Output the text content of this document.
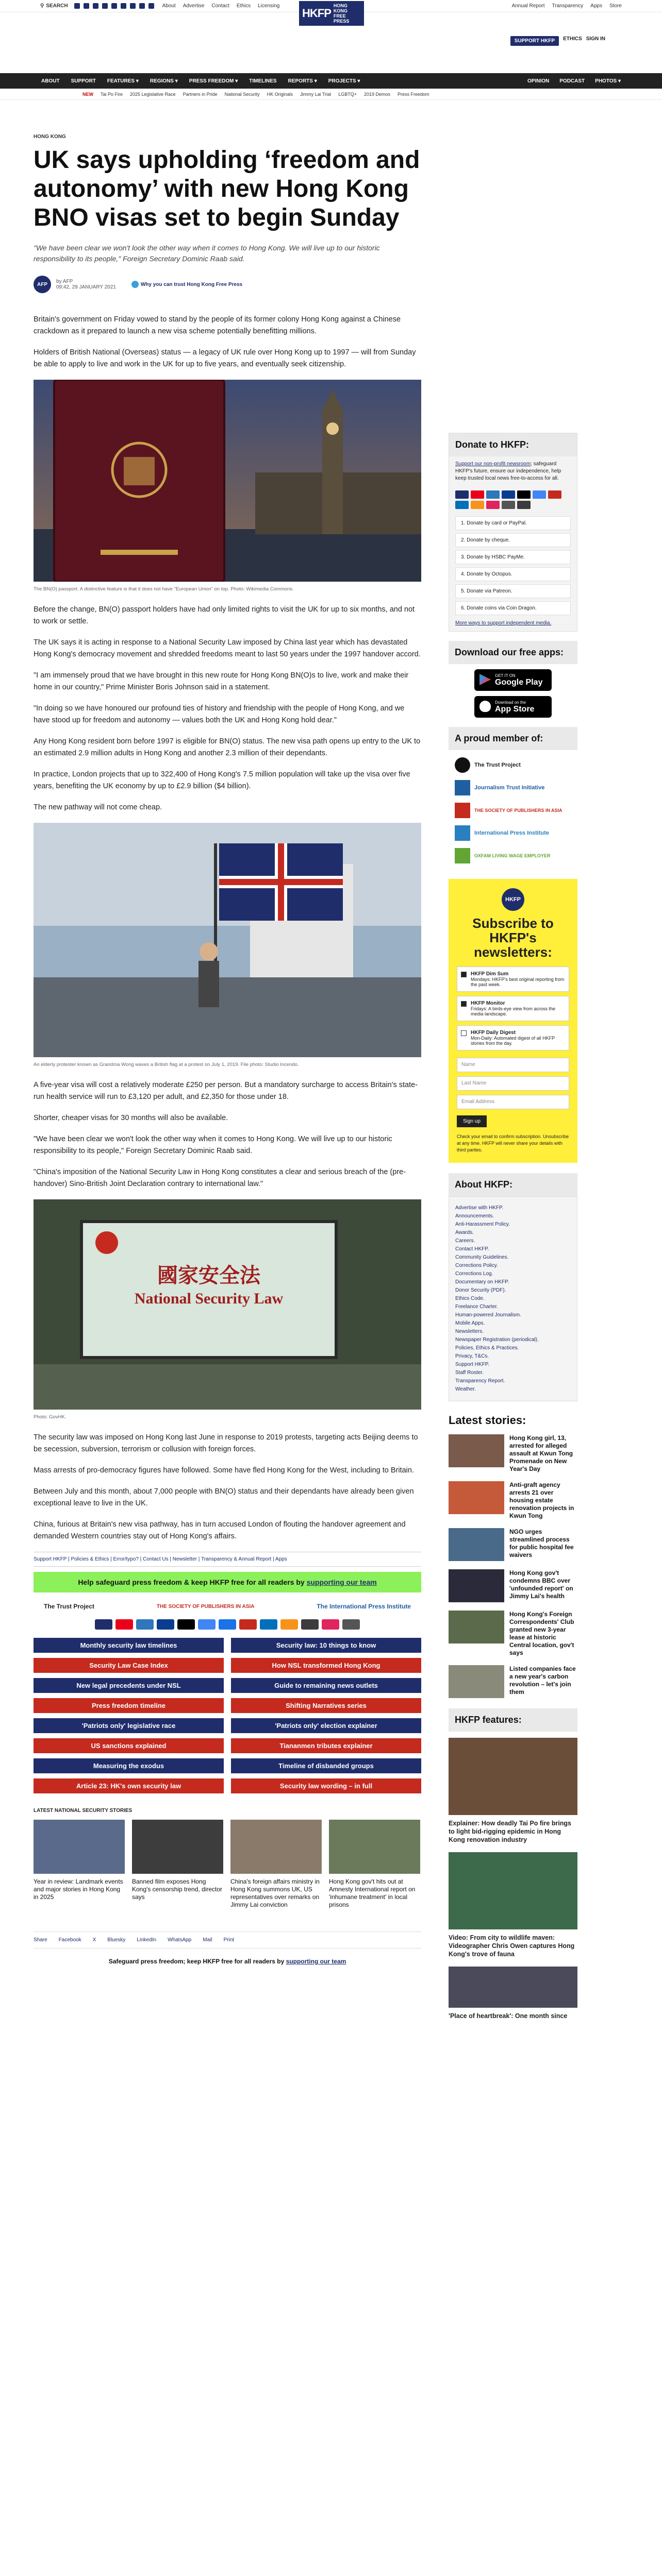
⚲ SEARCH	About Advertise Contact Ethics Licensing	Annual Report Transparency Apps Store
HKFP
HONG KONG
FREE PRESS
SUPPORT HKFP	ETHICS SIGN IN
ABOUT SUPPORT FEATURES ▾ REGIONS ▾ PRESS FREEDOM ▾ TIMELINES REPORTS ▾ PROJECTS ▾	OPINION PODCAST PHOTOS ▾
NEW Tai Po Fire 2025 Legislative Race Partners in Pride National Security HK Originals Jimmy Lai Trial LGBTQ+ 2019 Demos Press Freedom
HONG KONG
UK says upholding ‘freedom and autonomy’ with new Hong Kong BNO visas set to begin Sunday
"We have been clear we won't look the other way when it comes to Hong Kong. We will live up to our historic responsibility to its people," Foreign Secretary Dominic Raab said.
AFP	by AFP
09:42, 29 JANUARY 2021	Why you can trust Hong Kong Free Press

Britain's government on Friday vowed to stand by the people of its former colony Hong Kong against a Chinese crackdown as it prepared to launch a new visa scheme potentially benefitting millions.

Holders of British National (Overseas) status — a legacy of UK rule over Hong Kong up to 1997 — will from Sunday be able to apply to live and work in the UK for up to five years, and eventually seek citizenship.

The BN(O) passport. A distinctive feature is that it does not have "European Union" on top. Photo: Wikimedia Commons.

Before the change, BN(O) passport holders have had only limited rights to visit the UK for up to six months, and not to work or settle.

The UK says it is acting in response to a National Security Law imposed by China last year which has devastated Hong Kong's democracy movement and shredded freedoms meant to last 50 years under the 1997 handover accord.

"I am immensely proud that we have brought in this new route for Hong Kong BN(O)s to live, work and make their home in our country," Prime Minister Boris Johnson said in a statement.

"In doing so we have honoured our profound ties of history and friendship with the people of Hong Kong, and we have stood up for freedom and autonomy — values both the UK and Hong Kong hold dear."

Any Hong Kong resident born before 1997 is eligible for BN(O) status. The new visa path opens up entry to the UK to an estimated 2.9 million adults in Hong Kong and another 2.3 million of their dependants.

In practice, London projects that up to 322,400 of Hong Kong's 7.5 million population will take up the visa over five years, benefiting the UK economy by up to £2.9 billion ($4 billion).

The new pathway will not come cheap.

An elderly protester known as Grandma Wong waves a British flag at a protest on July 1, 2019. File photo: Studio Incendo.

A five-year visa will cost a relatively moderate £250 per person. But a mandatory surcharge to access Britain's state-run health service will run to £3,120 per adult, and £2,350 for those under 18.

Shorter, cheaper visas for 30 months will also be available.

"We have been clear we won't look the other way when it comes to Hong Kong. We will live up to our historic responsibility to its people," Foreign Secretary Dominic Raab said.

"China's imposition of the National Security Law in Hong Kong constitutes a clear and serious breach of the (pre-handover) Sino-British Joint Declaration contrary to international law."

國家安全法
National Security Law
Photo: GovHK.

The security law was imposed on Hong Kong last June in response to 2019 protests, targeting acts Beijing deems to be secession, subversion, terrorism or collusion with foreign forces.

Mass arrests of pro-democracy figures have followed. Some have fled Hong Kong for the West, including to Britain.

Between July and this month, about 7,000 people with BN(O) status and their dependants have already been given exceptional leave to live in the UK.

China, furious at Britain's new visa pathway, has in turn accused London of flouting the handover agreement and demanded Western countries stay out of Hong Kong's affairs.

Support HKFP | Policies & Ethics | Error/typo? | Contact Us | Newsletter | Transparency & Annual Report | Apps
Help safeguard press freedom & keep HKFP free for all readers by supporting our team
The Trust Project	THE SOCIETY OF PUBLISHERS IN ASIA	The International Press Institute
Monthly security law timelines	Security law: 10 things to know
Security Law Case Index	How NSL transformed Hong Kong
New legal precedents under NSL	Guide to remaining news outlets
Press freedom timeline	Shifting Narratives series
'Patriots only' legislative race	'Patriots only' election explainer
US sanctions explained	Tiananmen tributes explainer
Measuring the exodus	Timeline of disbanded groups
Article 23: HK's own security law	Security law wording – in full
LATEST NATIONAL SECURITY STORIES
Year in review: Landmark events and major stories in Hong Kong in 2025
Banned film exposes Hong Kong's censorship trend, director says
China's foreign affairs ministry in Hong Kong summons UK, US representatives over remarks on Jimmy Lai conviction
Hong Kong gov't hits out at Amnesty International report on 'inhumane treatment' in local prisons
Share Facebook X Bluesky LinkedIn WhatsApp Mail Print
Safeguard press freedom; keep HKFP free for all readers by supporting our team
Donate to HKFP:
Support our non-profit newsroom; safeguard HKFP's future, ensure our independence, help keep trusted local news free-to-access for all.
1. Donate by card or PayPal.
2. Donate by cheque.
3. Donate by HSBC PayMe.
4. Donate by Octopus.
5. Donate via Patreon.
6. Donate coins via Coin Dragon.
More ways to support independent media.
Download our free apps:
GET IT ON
Google Play
Download on the
App Store
A proud member of:
The Trust Project
Journalism Trust Initiative
THE SOCIETY OF PUBLISHERS IN ASIA
International Press Institute
OXFAM LIVING WAGE EMPLOYER
HKFP
Subscribe to HKFP's newsletters:
HKFP Dim Sum
Mondays: HKFP's best original reporting from the past week.
HKFP Monitor
Fridays: A birds-eye view from across the media landscape.
HKFP Daily Digest
Mon-Daily: Automated digest of all HKFP stories from the day.
Name
Last Name
Email Address
Sign up
Check your email to confirm subscription. Unsubscribe at any time. HKFP will never share your details with third parties.
About HKFP:
Advertise with HKFP.
Announcements.
Anti-Harassment Policy.
Awards.
Careers.
Contact HKFP.
Community Guidelines.
Corrections Policy.
Corrections Log.
Documentary on HKFP.
Donor Security (PDF).
Ethics Code.
Freelance Charter.
Human-powered Journalism.
Mobile Apps.
Newsletters.
Newspaper Registration (periodical).
Policies, Ethics & Practices.
Privacy, T&Cs.
Support HKFP.
Staff Roster.
Transparency Report.
Weather.
Latest stories:
Hong Kong girl, 13, arrested for alleged assault at Kwun Tong Promenade on New Year's Day
Anti-graft agency arrests 21 over housing estate renovation projects in Kwun Tong
NGO urges streamlined process for public hospital fee waivers
Hong Kong gov't condemns BBC over 'unfounded report' on Jimmy Lai's health
Hong Kong's Foreign Correspondents' Club granted new 3-year lease at historic Central location, gov't says
Listed companies face a new year's carbon revolution – let's join them
HKFP features:
Explainer: How deadly Tai Po fire brings to light bid-rigging epidemic in Hong Kong renovation industry
Video: From city to wildlife maven: Videographer Chris Owen captures Hong Kong's trove of fauna
'Place of heartbreak': One month since
